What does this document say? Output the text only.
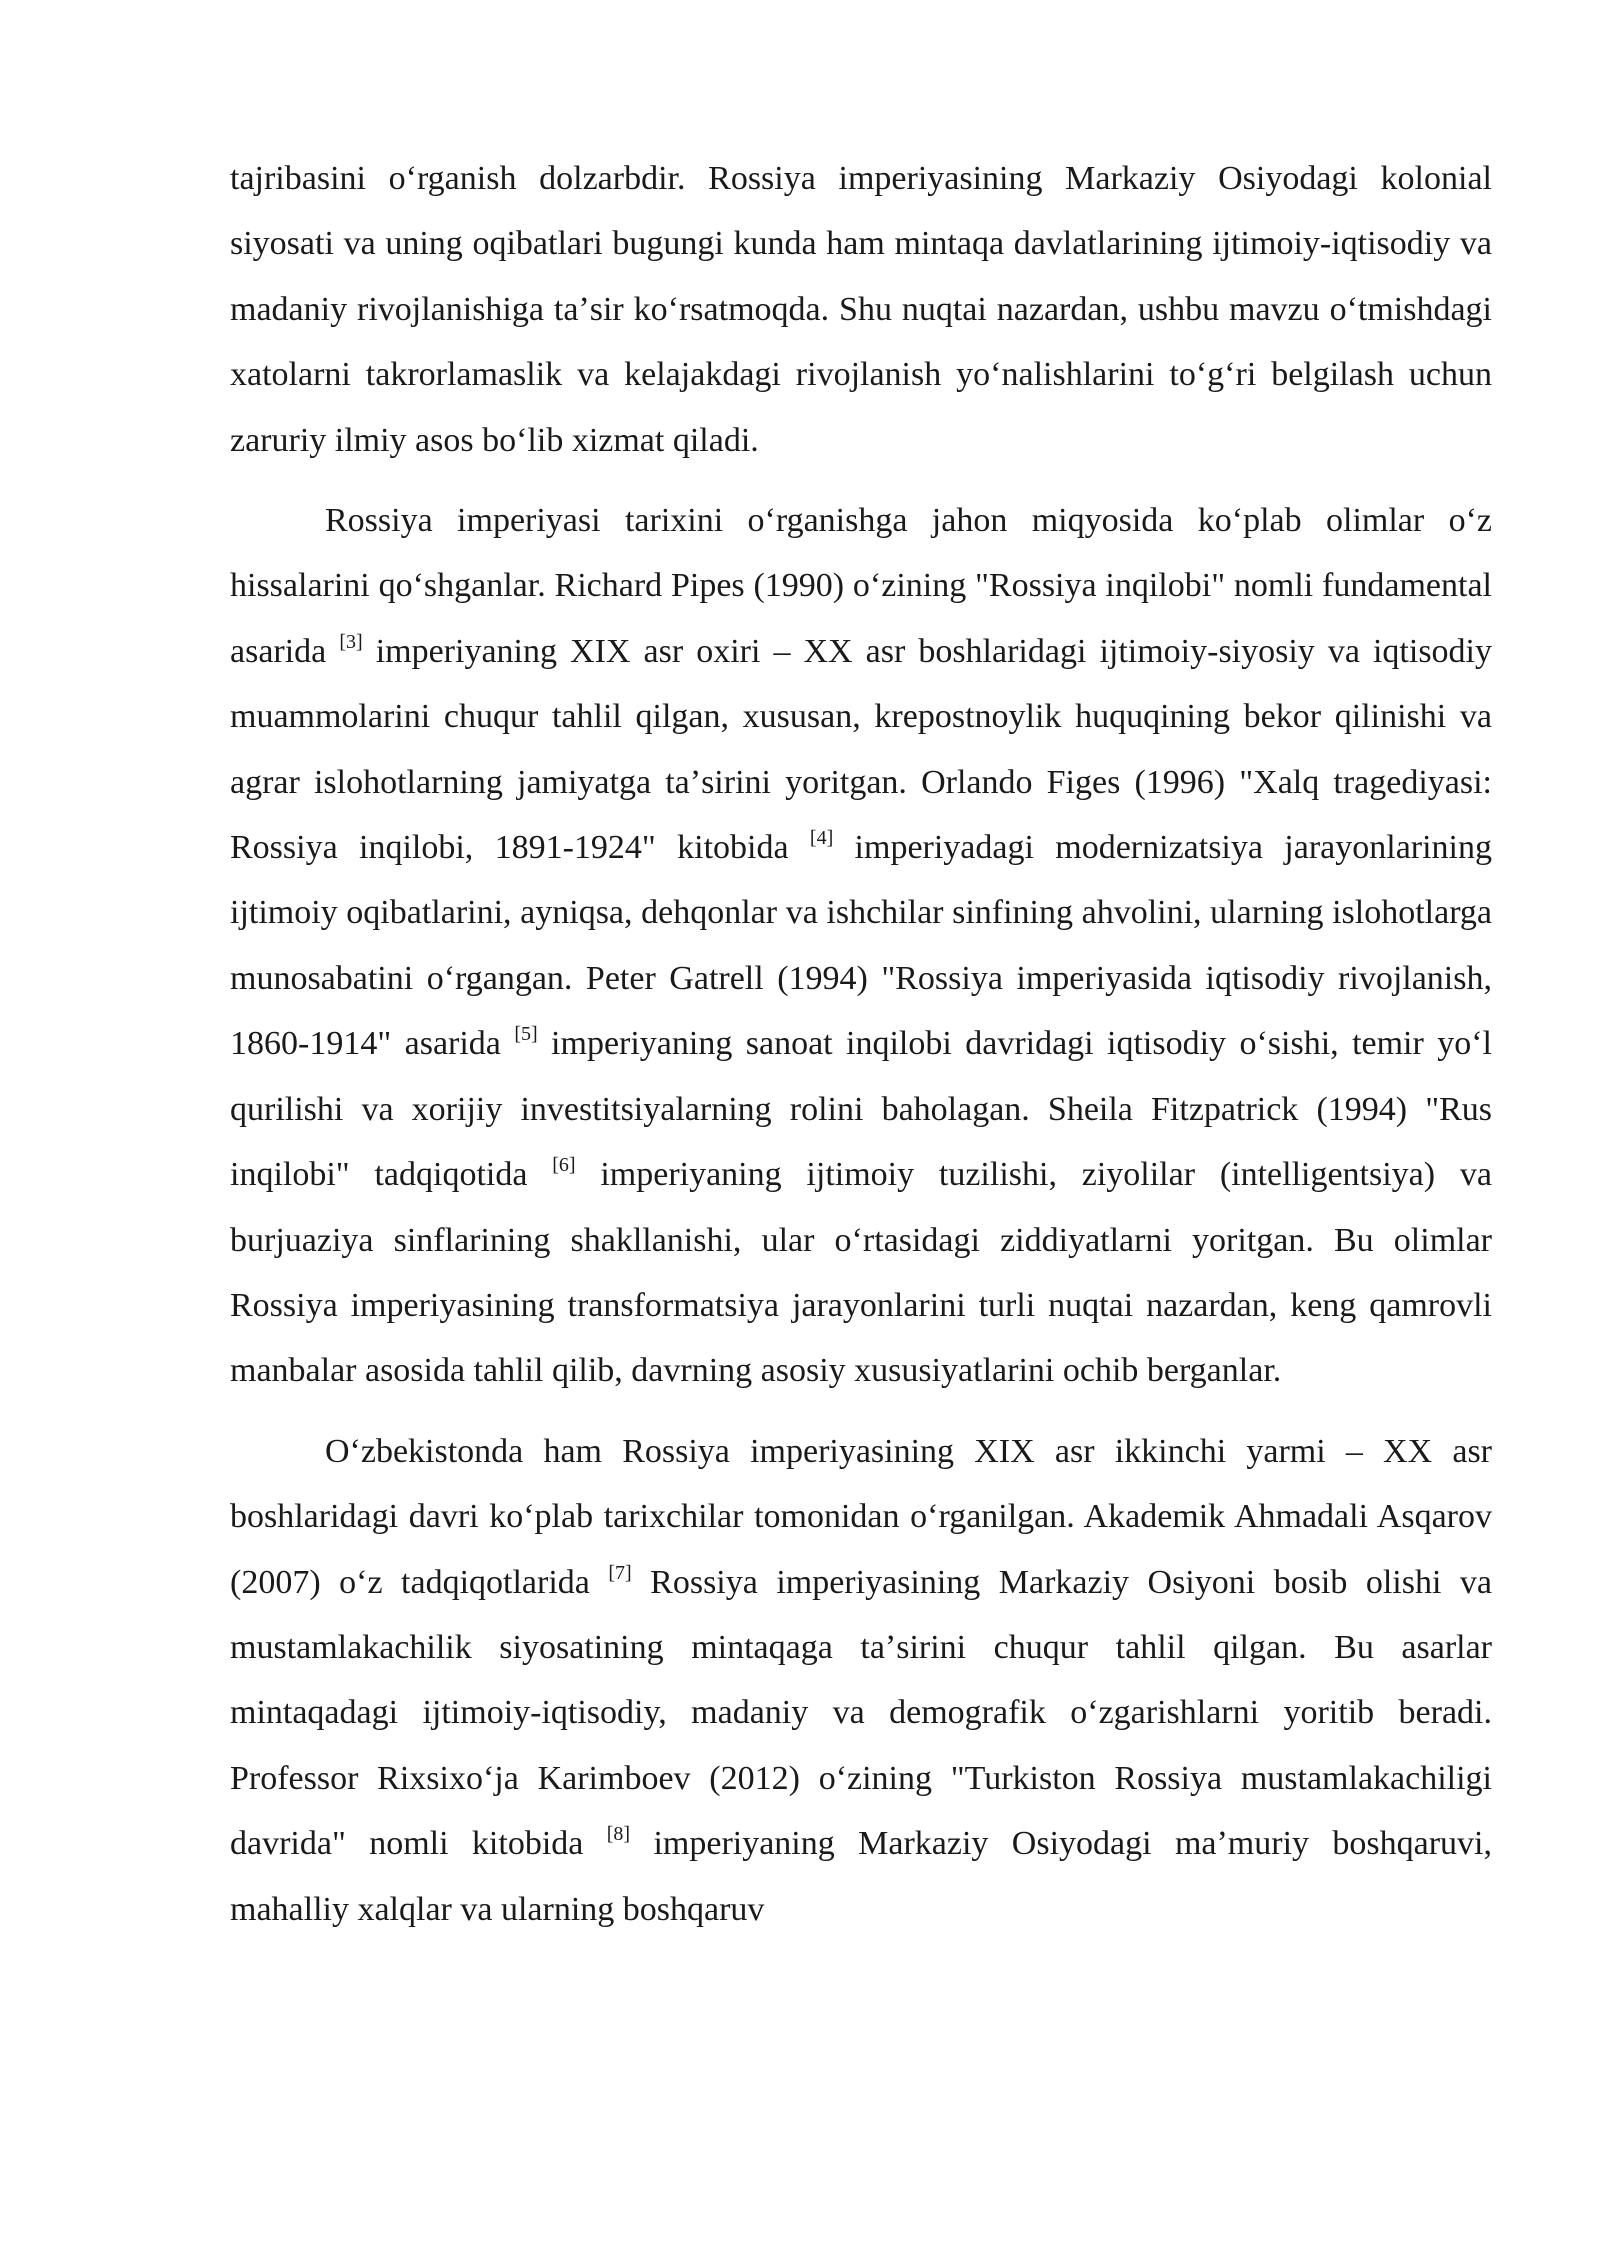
tajribasini oʻrganish dolzarbdir. Rossiya imperiyasining Markaziy Osiyodagi kolonial siyosati va uning oqibatlari bugungi kunda ham mintaqa davlatlarining ijtimoiy-iqtisodiy va madaniy rivojlanishiga taʼsir koʻrsatmoqda. Shu nuqtai nazardan, ushbu mavzu oʻtmishdagi xatolarni takrorlamaslik va kelajakdagi rivojlanish yoʻnalishlarini toʻgʻri belgilash uchun zaruriy ilmiy asos boʻlib xizmat qiladi.

Rossiya imperiyasi tarixini oʻrganishga jahon miqyosida koʻplab olimlar oʻz hissalarini qoʻshganlar. Richard Pipes (1990) oʻzining "Rossiya inqilobi" nomli fundamental asarida [3] imperiyaning XIX asr oxiri – XX asr boshlaridagi ijtimoiy-siyosiy va iqtisodiy muammolarini chuqur tahlil qilgan, xususan, krepostnoylik huquqining bekor qilinishi va agrar islohotlarning jamiyatga taʼsirini yoritgan. Orlando Figes (1996) "Xalq tragediyasi: Rossiya inqilobi, 1891-1924" kitobida [4] imperiyadagi modernizatsiya jarayonlarining ijtimoiy oqibatlarini, ayniqsa, dehqonlar va ishchilar sinfining ahvolini, ularning islohotlarga munosabatini oʻrgangan. Peter Gatrell (1994) "Rossiya imperiyasida iqtisodiy rivojlanish, 1860-1914" asarida [5] imperiyaning sanoat inqilobi davridagi iqtisodiy oʻsishi, temir yoʻl qurilishi va xorijiy investitsiyalarning rolini baholagan. Sheila Fitzpatrick (1994) "Rus inqilobi" tadqiqotida [6] imperiyaning ijtimoiy tuzilishi, ziyolilar (intelligentsiya) va burjuaziya sinflarining shakllanishi, ular oʻrtasidagi ziddiyatlarni yoritgan. Bu olimlar Rossiya imperiyasining transformatsiya jarayonlarini turli nuqtai nazardan, keng qamrovli manbalar asosida tahlil qilib, davrning asosiy xususiyatlarini ochib berganlar.

Oʻzbekistonda ham Rossiya imperiyasining XIX asr ikkinchi yarmi – XX asr boshlaridagi davri koʻplab tarixchilar tomonidan oʻrganilgan. Akademik Ahmadali Asqarov (2007) oʻz tadqiqotlarida [7] Rossiya imperiyasining Markaziy Osiyoni bosib olishi va mustamlakachilik siyosatining mintaqaga taʼsirini chuqur tahlil qilgan. Bu asarlar mintaqadagi ijtimoiy-iqtisodiy, madaniy va demografik oʻzgarishlarni yoritib beradi. Professor Rixsixoʻja Karimboev (2012) oʻzining "Turkiston Rossiya mustamlakachiligi davrida" nomli kitobida [8] imperiyaning Markaziy Osiyodagi maʼmuriy boshqaruvi, mahalliy xalqlar va ularning boshqaruv
